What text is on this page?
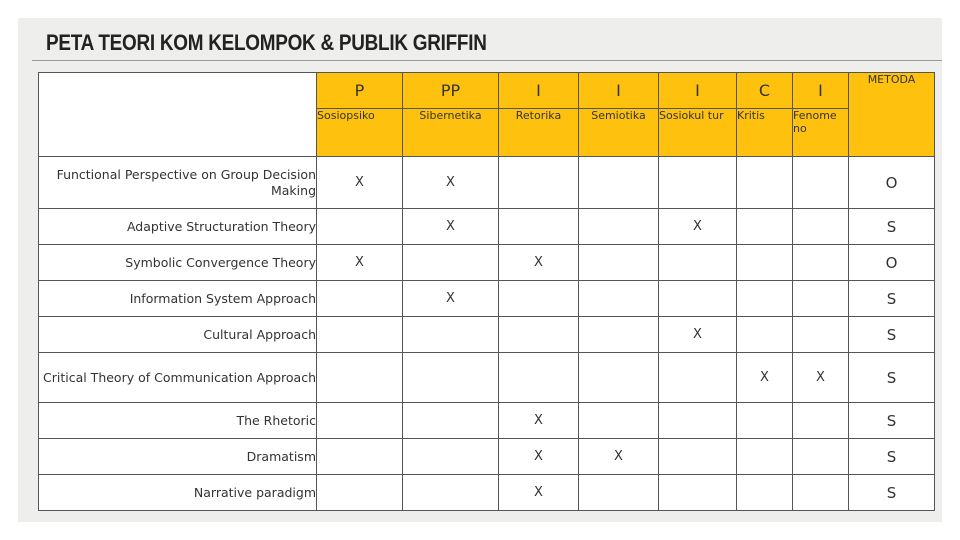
PETA TEORI KOM KELOMPOK & PUBLIK GRIFFIN
	P	PP	I	I	I	C	I	METODA
	Sosiopsiko	Sibernetika	Retorika	Semiotika	Sosiokul tur	Kritis	Fenome no	
Functional Perspective on Group Decision Making	X	X						O
Adaptive Structuration Theory		X			X			S
Symbolic Convergence Theory	X		X					O
Information System Approach		X						S
Cultural Approach					X			S
Critical Theory of Communication Approach						X	X	S
The Rhetoric			X					S
Dramatism			X	X				S
Narrative paradigm			X					S
